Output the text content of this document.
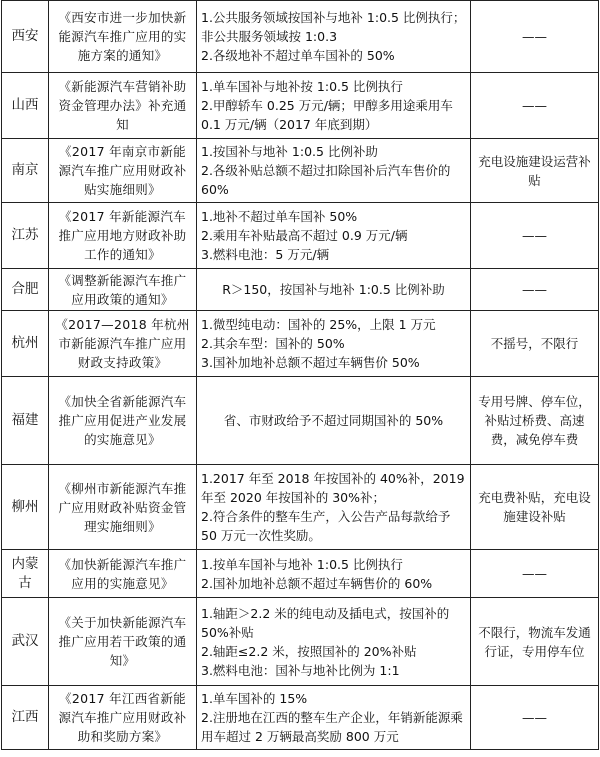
西安	《西安市进一步加快新能源汽车推广应用的实施方案的通知》	1.公共服务领域按国补与地补 1:0.5 比例执行；非公共服务领域按 1:0.3
2.各级地补不超过单车国补的 50%	——
山西	《新能源汽车营销补助资金管理办法》补充通知	1.单车国补与地补按 1:0.5 比例执行
2.甲醇轿车 0.25 万元/辆；甲醇多用途乘用车 0.1 万元/辆（2017 年底到期）	——
南京	《2017 年南京市新能源汽车推广应用财政补贴实施细则》	1.按国补与地补 1:0.5 比例补助
2.各级补贴总额不超过扣除国补后汽车售价的 60%	充电设施建设运营补贴
江苏	《2017 年新能源汽车推广应用地方财政补助工作的通知》	1.地补不超过单车国补 50%
2.乘用车补贴最高不超过 0.9 万元/辆
3.燃料电池：5 万元/辆	——
合肥	《调整新能源汽车推广应用政策的通知》	R＞150，按国补与地补 1:0.5 比例补助	——
杭州	《2017—2018 年杭州市新能源汽车推广应用财政支持政策》	1.微型纯电动：国补的 25%，上限 1 万元
2.其余车型：国补的 50%
3.国补加地补总额不超过车辆售价 50%	不摇号，不限行
福建	《加快全省新能源汽车推广应用促进产业发展的实施意见》	省、市财政给予不超过同期国补的 50%	专用号牌、停车位，补贴过桥费、高速费，减免停车费
柳州	《柳州市新能源汽车推广应用财政补贴资金管理实施细则》	1.2017 年至 2018 年按国补的 40%补，2019 年至 2020 年按国补的 30%补；
2.符合条件的整车生产，入公告产品每款给予 50 万元一次性奖励。	充电费补贴，充电设施建设补贴
内蒙古	《加快新能源汽车推广应用的实施意见》	1.按单车国补与地补 1:0.5 比例执行
2.国补加地补总额不超过车辆售价的 60%	——
武汉	《关于加快新能源汽车推广应用若干政策的通知》	1.轴距＞2.2 米的纯电动及插电式，按国补的 50%补贴
2.轴距≤2.2 米，按照国补的 20%补贴
3.燃料电池：国补与地补比例为 1:1	不限行，物流车发通行证，专用停车位
江西	《2017 年江西省新能源汽车推广应用财政补助和奖励方案》	1.单车国补的 15%
2.注册地在江西的整车生产企业，年销新能源乘用车超过 2 万辆最高奖励 800 万元	——
